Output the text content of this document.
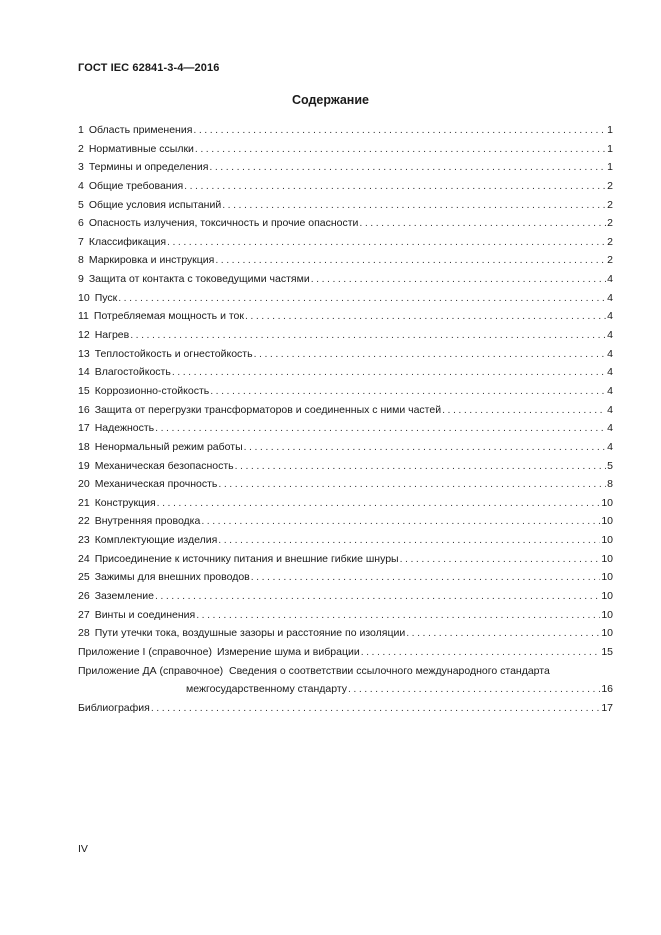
ГОСТ IEC 62841-3-4—2016
Содержание
1 Область применения . . .	1
2 Нормативные ссылки . . .	1
3 Термины и определения . . .	1
4 Общие требования . . .	2
5 Общие условия испытаний . . .	2
6 Опасность излучения, токсичность и прочие опасности . . .	2
7 Классификация . . .	2
8 Маркировка и инструкция . . .	2
9 Защита от контакта с токоведущими частями . . .	4
10 Пуск . . .	4
11 Потребляемая мощность и ток . . .	4
12 Нагрев . . .	4
13 Теплостойкость и огнестойкость . . .	4
14 Влагостойкость . . .	4
15 Коррозионно-стойкость . . .	4
16 Защита от перегрузки трансформаторов и соединенных с ними частей . . .	4
17 Надежность . . .	4
18 Ненормальный режим работы . . .	4
19 Механическая безопасность . . .	5
20 Механическая прочность . . .	8
21 Конструкция . . .	10
22 Внутренняя проводка . . .	10
23 Комплектующие изделия . . .	10
24 Присоединение к источнику питания и внешние гибкие шнуры . . .	10
25 Зажимы для внешних проводов . . .	10
26 Заземление . . .	10
27 Винты и соединения . . .	10
28 Пути утечки тока, воздушные зазоры и расстояние по изоляции . . .	10
Приложение I (справочное) Измерение шума и вибрации . . .	15
Приложение ДА (справочное) Сведения о соответствии ссылочного международного стандарта
межгосударственному стандарту . . .	16
Библиография . . .	17
IV
